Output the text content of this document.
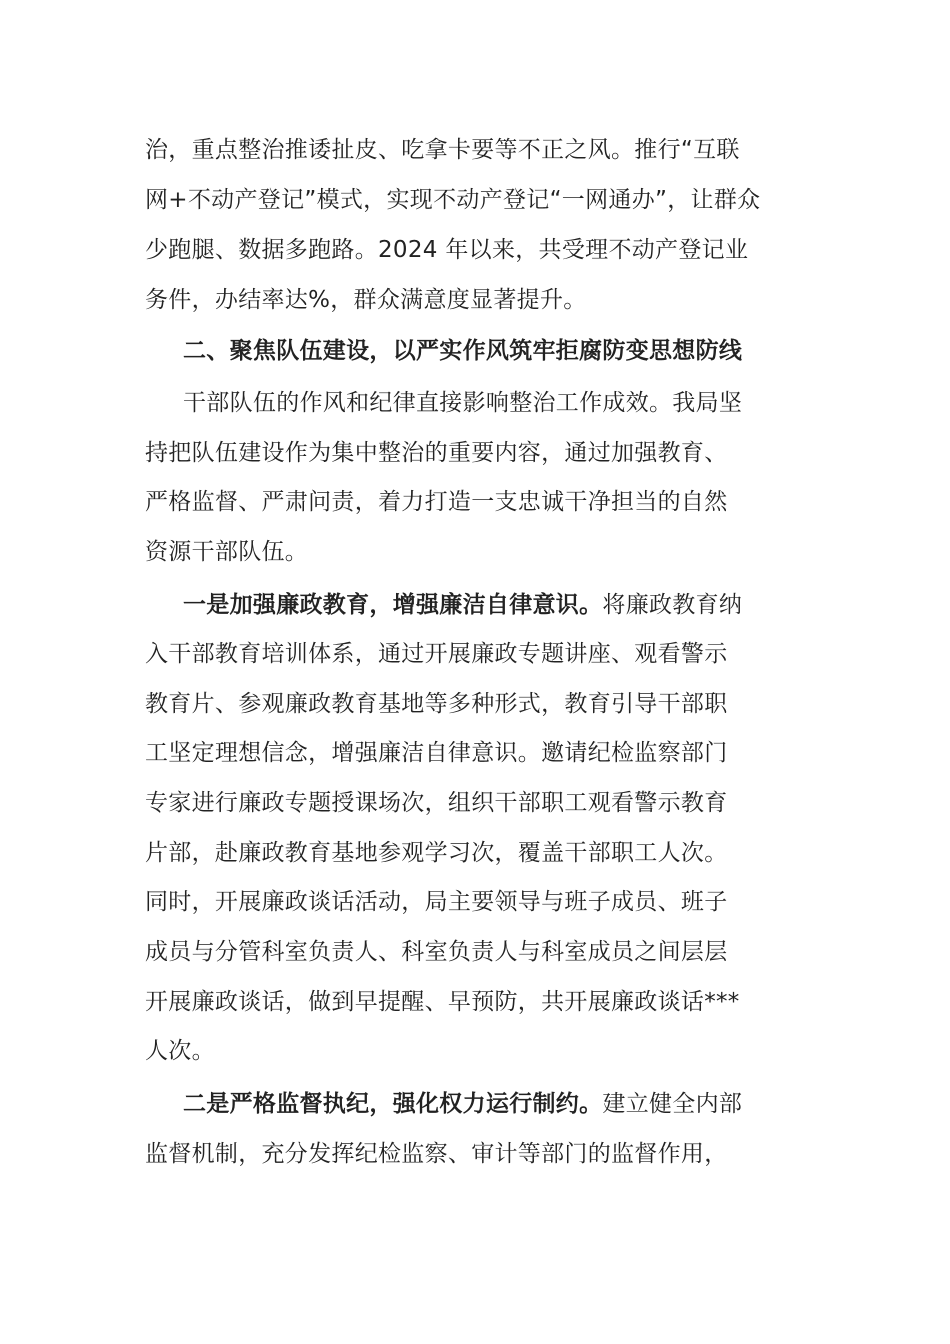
治，重点整治推诿扯皮、吃拿卡要等不正之风。推行“互联
网+不动产登记”模式，实现不动产登记“一网通办”，让群众
少跑腿、数据多跑路。2024 年以来，共受理不动产登记业
务件，办结率达%，群众满意度显著提升。
二、聚焦队伍建设，以严实作风筑牢拒腐防变思想防线
干部队伍的作风和纪律直接影响整治工作成效。我局坚
持把队伍建设作为集中整治的重要内容，通过加强教育、
严格监督、严肃问责，着力打造一支忠诚干净担当的自然
资源干部队伍。
一是加强廉政教育，增强廉洁自律意识。将廉政教育纳
入干部教育培训体系，通过开展廉政专题讲座、观看警示
教育片、参观廉政教育基地等多种形式，教育引导干部职
工坚定理想信念，增强廉洁自律意识。邀请纪检监察部门
专家进行廉政专题授课场次，组织干部职工观看警示教育
片部，赴廉政教育基地参观学习次，覆盖干部职工人次。
同时，开展廉政谈话活动，局主要领导与班子成员、班子
成员与分管科室负责人、科室负责人与科室成员之间层层
开展廉政谈话，做到早提醒、早预防，共开展廉政谈话***
人次。
二是严格监督执纪，强化权力运行制约。建立健全内部
监督机制，充分发挥纪检监察、审计等部门的监督作用，
